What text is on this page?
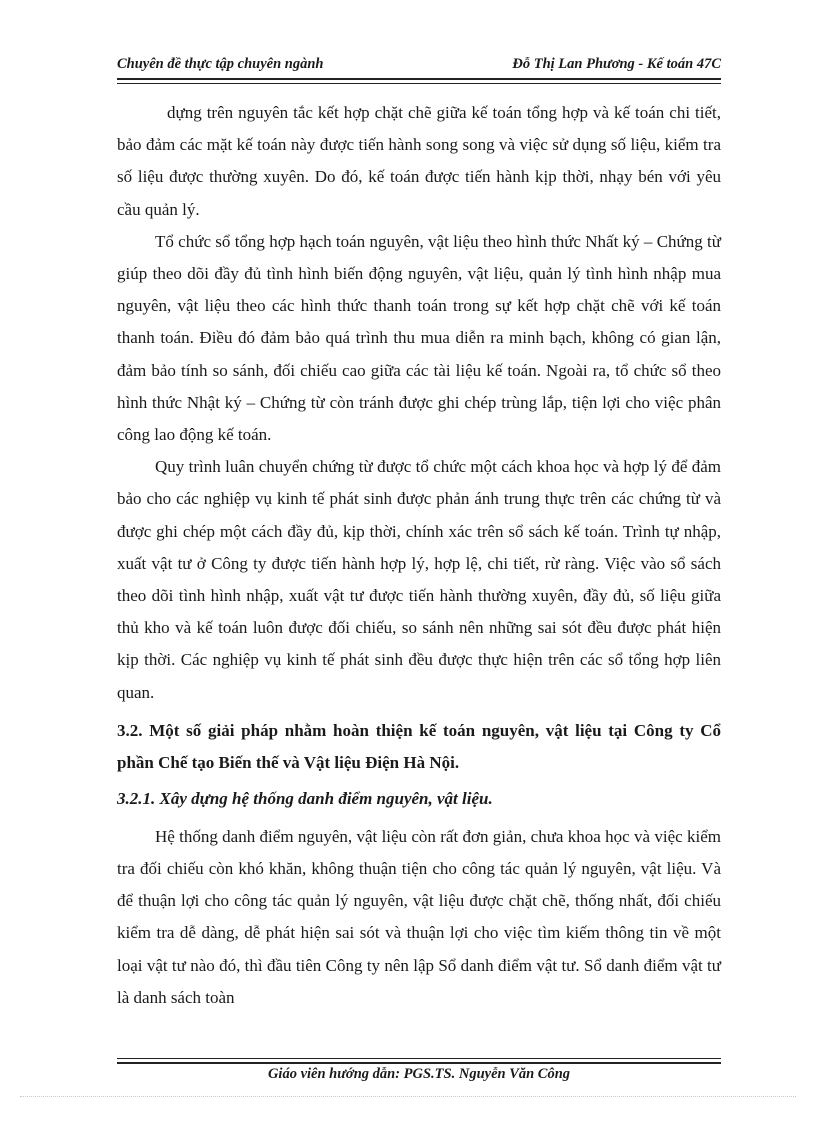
Chuyên đề thực tập chuyên ngành	Đỗ Thị Lan Phương - Kế toán 47C

dựng trên nguyên tắc kết hợp chặt chẽ giữa kế toán tổng hợp và kế toán chi tiết, bảo đảm các mặt kế toán này được tiến hành song song và việc sử dụng số liệu, kiểm tra số liệu được thường xuyên. Do đó, kế toán được tiến hành kịp thời, nhạy bén với yêu cầu quản lý.

Tổ chức sổ tổng hợp hạch toán nguyên, vật liệu theo hình thức Nhất ký – Chứng từ giúp theo dõi đầy đủ tình hình biến động nguyên, vật liệu, quản lý tình hình nhập mua nguyên, vật liệu theo các hình thức thanh toán trong sự kết hợp chặt chẽ với kế toán thanh toán. Điều đó đảm bảo quá trình thu mua diễn ra minh bạch, không có gian lận, đảm bảo tính so sánh, đối chiếu cao giữa các tài liệu kế toán. Ngoài ra, tổ chức sổ theo hình thức Nhật ký – Chứng từ còn tránh được ghi chép trùng lắp, tiện lợi cho việc phân công lao động kế toán.

Quy trình luân chuyển chứng từ được tổ chức một cách khoa học và hợp lý để đảm bảo cho các nghiệp vụ kinh tế phát sinh được phản ánh trung thực trên các chứng từ và được ghi chép một cách đầy đủ, kịp thời, chính xác trên sổ sách kế toán. Trình tự nhập, xuất vật tư ở Công ty được tiến hành hợp lý, hợp lệ, chi tiết, rừ ràng. Việc vào sổ sách theo dõi tình hình nhập, xuất vật tư được tiến hành thường xuyên, đầy đủ, số liệu giữa thủ kho và kế toán luôn được đối chiếu, so sánh nên những sai sót đều được phát hiện kịp thời. Các nghiệp vụ kinh tế phát sinh đều được thực hiện trên các sổ tổng hợp liên quan.

3.2. Một số giải pháp nhằm hoàn thiện kế toán nguyên, vật liệu tại Công ty Cổ phần Chế tạo Biến thế và Vật liệu Điện Hà Nội.
3.2.1. Xây dựng hệ thống danh điểm nguyên, vật liệu.

Hệ thống danh điểm nguyên, vật liệu còn rất đơn giản, chưa khoa học và việc kiểm tra đối chiếu còn khó khăn, không thuận tiện cho công tác quản lý nguyên, vật liệu. Và để thuận lợi cho công tác quản lý nguyên, vật liệu được chặt chẽ, thống nhất, đối chiếu kiểm tra dễ dàng, dễ phát hiện sai sót và thuận lợi cho việc tìm kiếm thông tin về một loại vật tư nào đó, thì đầu tiên Công ty nên lập Sổ danh điểm vật tư. Sổ danh điểm vật tư là danh sách toàn

Giáo viên hướng dẫn: PGS.TS. Nguyễn Văn Công
